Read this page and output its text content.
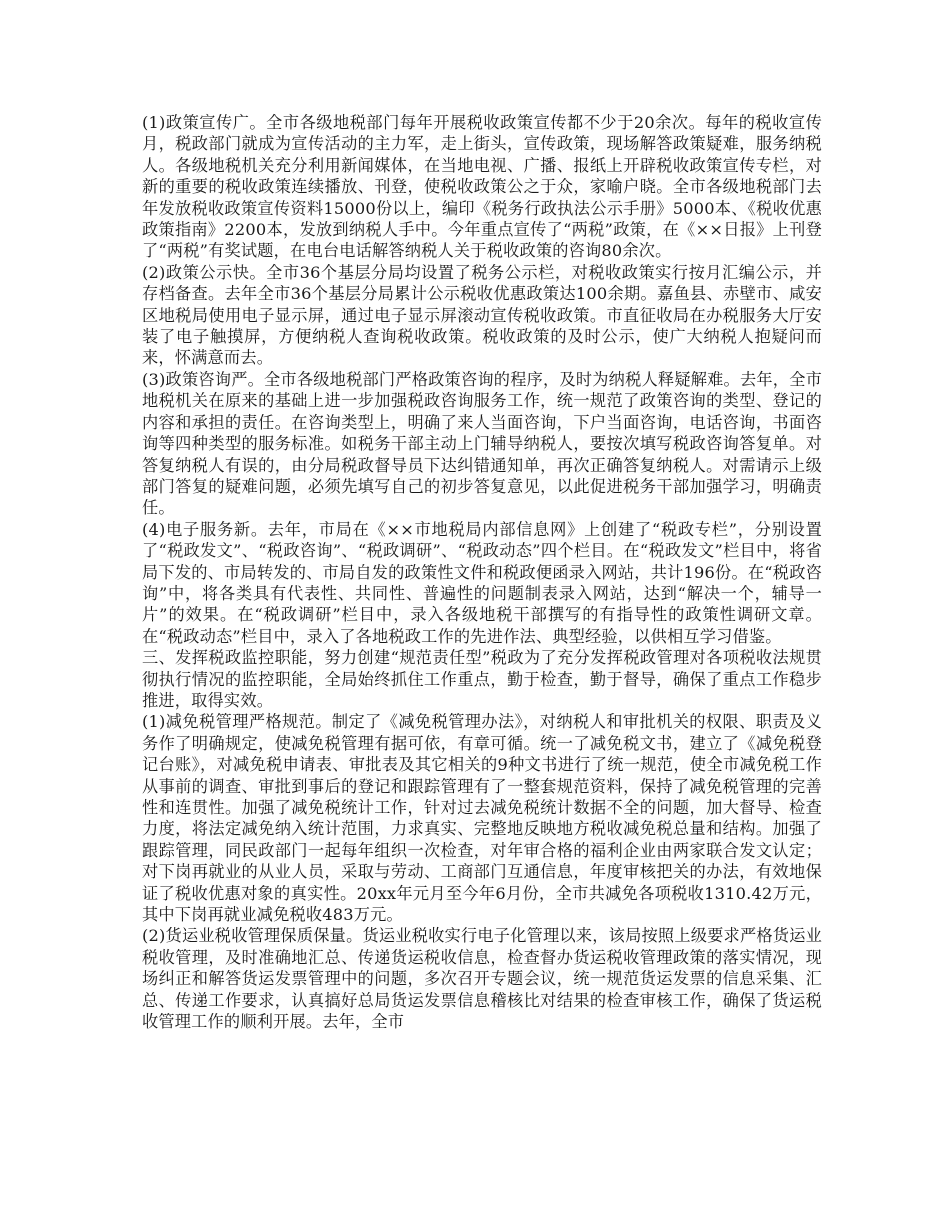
(1)政策宣传广。全市各级地税部门每年开展税收政策宣传都不少于20余次。每年的税收宣传月，税政部门就成为宣传活动的主力军，走上街头，宣传政策，现场解答政策疑难，服务纳税人。各级地税机关充分利用新闻媒体，在当地电视、广播、报纸上开辟税收政策宣传专栏，对新的重要的税收政策连续播放、刊登，使税收政策公之于众，家喻户晓。全市各级地税部门去年发放税收政策宣传资料15000份以上，编印《税务行政执法公示手册》5000本、《税收优惠政策指南》2200本，发放到纳税人手中。今年重点宣传了“两税”政策，在《××日报》上刊登了“两税”有奖试题，在电台电话解答纳税人关于税收政策的咨询80余次。

(2)政策公示快。全市36个基层分局均设置了税务公示栏，对税收政策实行按月汇编公示，并存档备查。去年全市36个基层分局累计公示税收优惠政策达100余期。嘉鱼县、赤壁市、咸安区地税局使用电子显示屏，通过电子显示屏滚动宣传税收政策。市直征收局在办税服务大厅安装了电子触摸屏，方便纳税人查询税收政策。税收政策的及时公示，使广大纳税人抱疑问而来，怀满意而去。

(3)政策咨询严。全市各级地税部门严格政策咨询的程序，及时为纳税人释疑解难。去年，全市地税机关在原来的基础上进一步加强税政咨询服务工作，统一规范了政策咨询的类型、登记的内容和承担的责任。在咨询类型上，明确了来人当面咨询，下户当面咨询，电话咨询，书面咨询等四种类型的服务标准。如税务干部主动上门辅导纳税人，要按次填写税政咨询答复单。对答复纳税人有误的，由分局税政督导员下达纠错通知单，再次正确答复纳税人。对需请示上级部门答复的疑难问题，必须先填写自己的初步答复意见，以此促进税务干部加强学习，明确责任。

(4)电子服务新。去年，市局在《××市地税局内部信息网》上创建了“税政专栏”，分别设置了“税政发文”、“税政咨询”、“税政调研”、“税政动态”四个栏目。在“税政发文”栏目中，将省局下发的、市局转发的、市局自发的政策性文件和税政便函录入网站，共计196份。在“税政咨询”中，将各类具有代表性、共同性、普遍性的问题制表录入网站，达到“解决一个，辅导一片”的效果。在“税政调研”栏目中，录入各级地税干部撰写的有指导性的政策性调研文章。在“税政动态”栏目中，录入了各地税政工作的先进作法、典型经验，以供相互学习借鉴。

三、发挥税政监控职能，努力创建“规范责任型”税政为了充分发挥税政管理对各项税收法规贯彻执行情况的监控职能，全局始终抓住工作重点，勤于检查，勤于督导，确保了重点工作稳步推进，取得实效。

(1)减免税管理严格规范。制定了《减免税管理办法》，对纳税人和审批机关的权限、职责及义务作了明确规定，使减免税管理有据可依，有章可循。统一了减免税文书，建立了《减免税登记台账》，对减免税申请表、审批表及其它相关的9种文书进行了统一规范，使全市减免税工作从事前的调查、审批到事后的登记和跟踪管理有了一整套规范资料，保持了减免税管理的完善性和连贯性。加强了减免税统计工作，针对过去减免税统计数据不全的问题，加大督导、检查力度，将法定减免纳入统计范围，力求真实、完整地反映地方税收减免税总量和结构。加强了跟踪管理，同民政部门一起每年组织一次检查，对年审合格的福利企业由两家联合发文认定；对下岗再就业的从业人员，采取与劳动、工商部门互通信息，年度审核把关的办法，有效地保证了税收优惠对象的真实性。20xx年元月至今年6月份，全市共减免各项税收1310.42万元，其中下岗再就业减免税收483万元。

(2)货运业税收管理保质保量。货运业税收实行电子化管理以来，该局按照上级要求严格货运业税收管理，及时准确地汇总、传递货运税收信息，检查督办货运税收管理政策的落实情况，现场纠正和解答货运发票管理中的问题，多次召开专题会议，统一规范货运发票的信息采集、汇总、传递工作要求，认真搞好总局货运发票信息稽核比对结果的检查审核工作，确保了货运税收管理工作的顺利开展。去年，全市
